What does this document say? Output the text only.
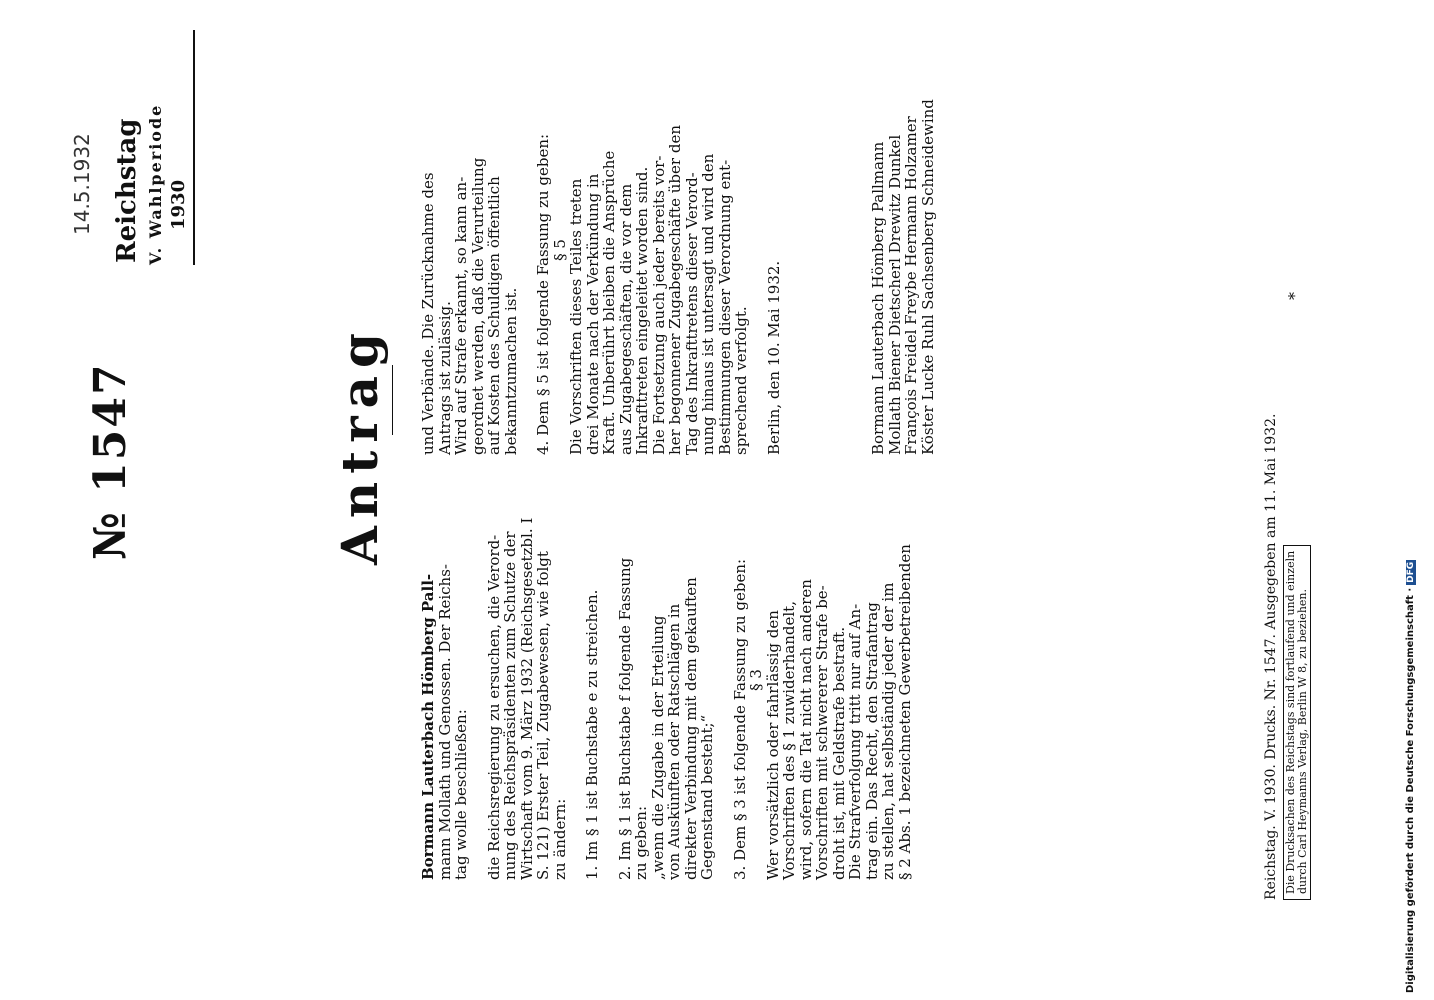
№ 1547
14.5.1932 Reichstag V. Wahlperiode 1930
Antrag

Bormann Lauterbach Hömberg Pall-

mann Mollath und Genossen. Der Reichs-

tag wolle beschließen: die Reichsregierung zu ersuchen, die Verord-

nung des Reichspräsidenten zum Schutze der

Wirtschaft vom 9. März 1932 (Reichsgesetzbl. I

S. 121) Erster Teil, Zugabewesen, wie folgt

zu ändern: 1. Im § 1 ist Buchstabe e zu streichen. 2. Im § 1 ist Buchstabe f folgende Fassung

zu geben:

„wenn die Zugabe in der Erteilung

von Auskünften oder Ratschlägen in

direkter Verbindung mit dem gekauften

Gegenstand besteht;“ 3. Dem § 3 ist folgende Fassung zu geben:

§ 3

Wer vorsätzlich oder fahrlässig den

Vorschriften des § 1 zuwiderhandelt,

wird, sofern die Tat nicht nach anderen

Vorschriften mit schwererer Strafe be-

droht ist, mit Geldstrafe bestraft.

Die Strafverfolgung tritt nur auf An-

trag ein. Das Recht, den Strafantrag

zu stellen, hat selbständig jeder der im

§ 2 Abs. 1 bezeichneten Gewerbetreibenden

und Verbände. Die Zurücknahme des

Antrags ist zulässig.

Wird auf Strafe erkannt, so kann an-

geordnet werden, daß die Verurteilung

auf Kosten des Schuldigen öffentlich

bekanntzumachen ist. 4. Dem § 5 ist folgende Fassung zu geben:

§ 5

Die Vorschriften dieses Teiles treten

drei Monate nach der Verkündung in

Kraft. Unberührt bleiben die Ansprüche

aus Zugabegeschäften, die vor dem

Inkrafttreten eingeleitet worden sind.

Die Fortsetzung auch jeder bereits vor-

her begonnener Zugabegeschäfte über den

Tag des Inkrafttretens dieser Verord-

nung hinaus ist untersagt und wird den

Bestimmungen dieser Verordnung ent-

sprechend verfolgt. Berlin, den 10. Mai 1932.	Bormann Lauterbach Hömberg Pallmann

Mollath Biener Dietscherl Drewitz Dunkel

François Freidel Freybe Hermann Holzamer

Köster Lucke Ruhl Sachsenberg Schneidewind

Reichstag. V. 1930. Drucks. Nr. 1547. Ausgegeben am 11. Mai 1932. Die Drucksachen des Reichstags sind fortlaufend und einzeln durch Carl Heymanns Verlag, Berlin W 8, zu beziehen.
*
Digitalisierung gefördert durch die Deutsche Forschungsgemeinschaft ·DFG
